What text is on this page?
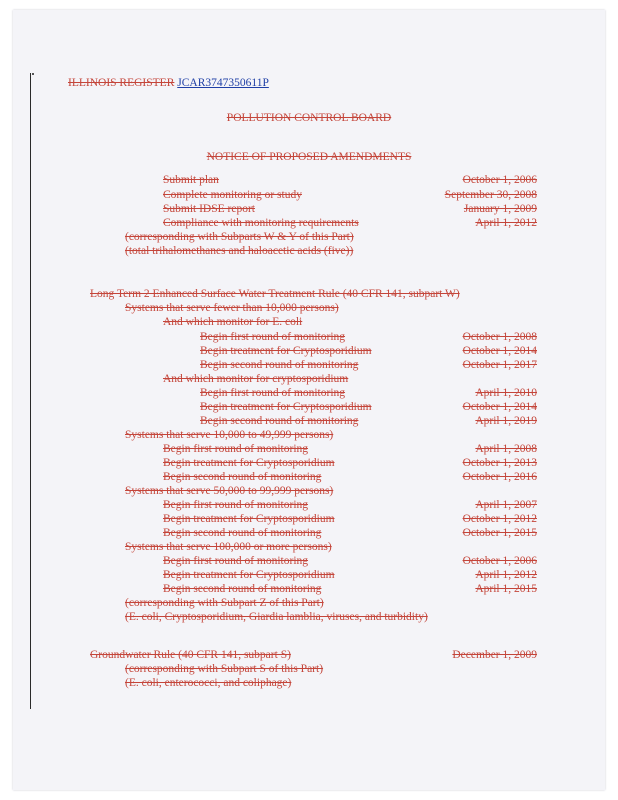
ILLINOIS REGISTER JCAR3747350611P
POLLUTION CONTROL BOARD
NOTICE OF PROPOSED AMENDMENTS
Submit plan	October 1, 2006
Complete monitoring or study	September 30, 2008
Submit IDSE report	January 1, 2009
Compliance with monitoring requirements	April 1, 2012
(corresponding with Subparts W & Y of this Part)
(total trihalomethanes and haloacetic acids (five))
Long Term 2 Enhanced Surface Water Treatment Rule (40 CFR 141, subpart W)
Systems that serve fewer than 10,000 persons)
And which monitor for E. coli
Begin first round of monitoring	October 1, 2008
Begin treatment for Cryptosporidium	October 1, 2014
Begin second round of monitoring	October 1, 2017
And which monitor for cryptosporidium
Begin first round of monitoring	April 1, 2010
Begin treatment for Cryptosporidium	October 1, 2014
Begin second round of monitoring	April 1, 2019
Systems that serve 10,000 to 49,999 persons)
Begin first round of monitoring	April 1, 2008
Begin treatment for Cryptosporidium	October 1, 2013
Begin second round of monitoring	October 1, 2016
Systems that serve 50,000 to 99,999 persons)
Begin first round of monitoring	April 1, 2007
Begin treatment for Cryptosporidium	October 1, 2012
Begin second round of monitoring	October 1, 2015
Systems that serve 100,000 or more persons)
Begin first round of monitoring	October 1, 2006
Begin treatment for Cryptosporidium	April 1, 2012
Begin second round of monitoring	April 1, 2015
(corresponding with Subpart Z of this Part)
(E. coli, Cryptosporidium, Giardia lamblia, viruses, and turbidity)
Groundwater Rule (40 CFR 141, subpart S)	December 1, 2009
(corresponding with Subpart S of this Part)
(E. coli, enterococci, and coliphage)
